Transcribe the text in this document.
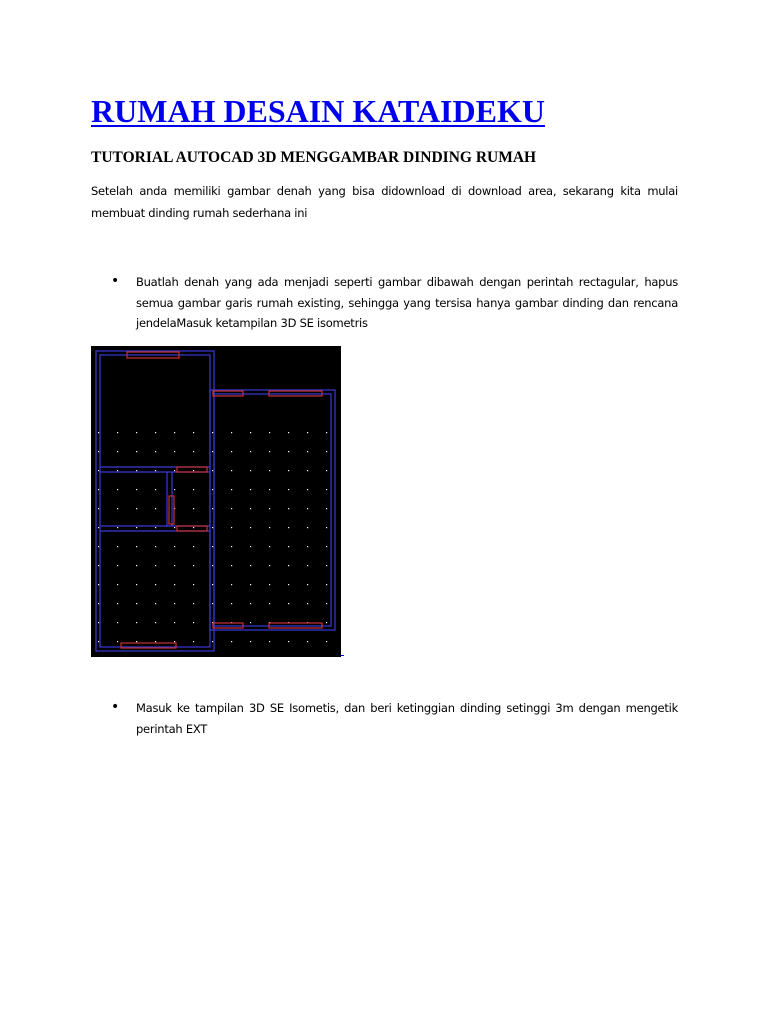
RUMAH DESAIN KATAIDEKU
TUTORIAL AUTOCAD 3D MENGGAMBAR DINDING RUMAH

Setelah anda memiliki gambar denah yang bisa didownload di download area, sekarang kita mulai membuat dinding rumah sederhana ini

• Buatlah denah yang ada menjadi seperti gambar dibawah dengan perintah rectagular, hapus semua gambar garis rumah existing, sehingga yang tersisa hanya gambar dinding dan rencana jendelaMasuk ketampilan 3D SE isometris

• Masuk ke tampilan 3D SE Isometis, dan beri ketinggian dinding setinggi 3m dengan mengetik perintah EXT
